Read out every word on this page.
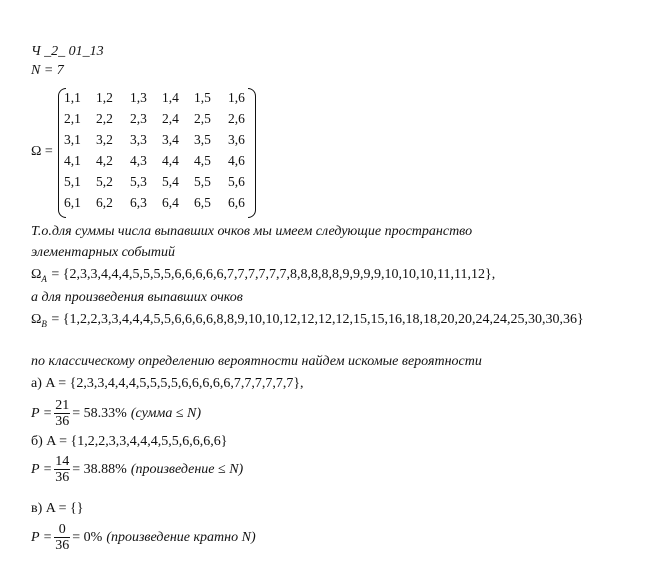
Ч _2_ 01_13
N = 7
Ω =
1,1	1,2	1,3	1,4	1,5	1,6
2,1	2,2	2,3	2,4	2,5	2,6
3,1	3,2	3,3	3,4	3,5	3,6
4,1	4,2	4,3	4,4	4,5	4,6
5,1	5,2	5,3	5,4	5,5	5,6
6,1	6,2	6,3	6,4	6,5	6,6
Т.о.для суммы числа выпавших очков мы имеем следующие пространство
элементарных событий
$\Omega_A = \{2,3,3,4,4,4,5,5,5,5,6,6,6,6,6,7,7,7,7,7,7,8,8,8,8,8,9,9,9,9,10,10,10,11,11,12\}$,
а для произведения выпавших очков
$\Omega_B = \{1,2,2,3,3,4,4,4,5,5,6,6,6,6,8,8,9,10,10,12,12,12,12,15,15,16,18,18,20,20,24,24,25,30,30,36\}$
по классическому определению вероятности найдем искомые вероятности
а) A = {2,3,3,4,4,4,5,5,5,5,6,6,6,6,6,7,7,7,7,7,7},
$P = \frac{21}{36} = 58.33\%$ (сумма ≤ N)
б) A = {1,2,2,3,3,4,4,4,5,5,6,6,6,6}
$P = \frac{14}{36} = 38.88\%$ (произведение ≤ N)
в) A = {}
$P = \frac{0}{36} = 0\%$ (произведение кратно N)
